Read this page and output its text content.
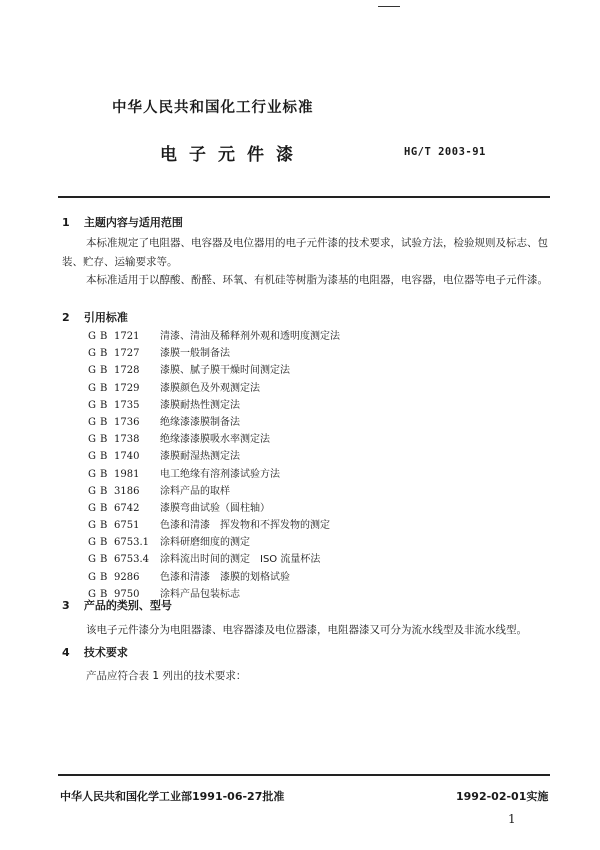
中华人民共和国化工行业标准
电子元件漆	HG/T 2003-91
1 主题内容与适用范围
本标准规定了电阻器、电容器及电位器用的电子元件漆的技术要求，试验方法，检验规则及标志、包装、贮存、运输要求等。
本标准适用于以醇酸、酚醛、环氧、有机硅等树脂为漆基的电阻器，电容器，电位器等电子元件漆。
2 引用标准
GB 1721 清漆、清油及稀释剂外观和透明度测定法
GB 1727 漆膜一般制备法
GB 1728 漆膜、腻子膜干燥时间测定法
GB 1729 漆膜颜色及外观测定法
GB 1735 漆膜耐热性测定法
GB 1736 绝缘漆漆膜制备法
GB 1738 绝缘漆漆膜吸水率测定法
GB 1740 漆膜耐湿热测定法
GB 1981 电工绝缘有溶剂漆试验方法
GB 3186 涂料产品的取样
GB 6742 漆膜弯曲试验（圆柱轴）
GB 6751 色漆和清漆　挥发物和不挥发物的测定
GB 6753.1 涂料研磨细度的测定
GB 6753.4 涂料流出时间的测定　ISO 流量杯法
GB 9286 色漆和清漆　漆膜的划格试验
GB 9750 涂料产品包装标志
3 产品的类别、型号
该电子元件漆分为电阻器漆、电容器漆及电位器漆，电阻器漆又可分为流水线型及非流水线型。
4 技术要求
产品应符合表 1 列出的技术要求：
中华人民共和国化学工业部1991-06-27批准	1992-02-01实施
1
